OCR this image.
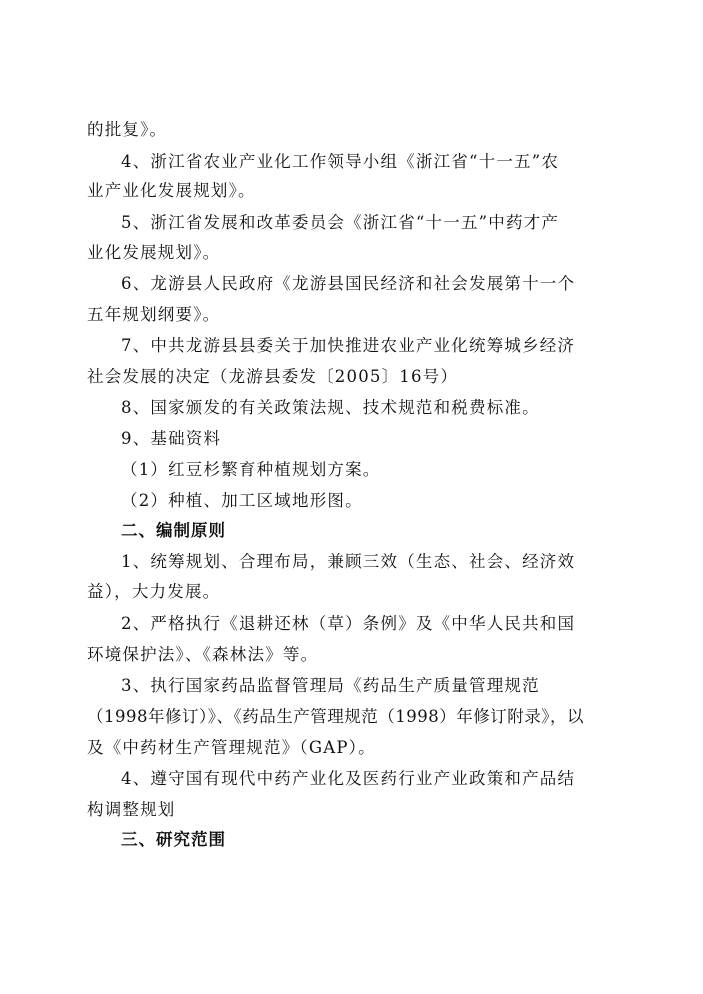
的批复》。
4、浙江省农业产业化工作领导小组《浙江省“十一五”农
业产业化发展规划》。
5、浙江省发展和改革委员会《浙江省“十一五”中药才产
业化发展规划》。
6、龙游县人民政府《龙游县国民经济和社会发展第十一个
五年规划纲要》。
7、中共龙游县县委关于加快推进农业产业化统筹城乡经济
社会发展的决定（龙游县委发〔2005〕16号）
8、国家颁发的有关政策法规、技术规范和税费标准。
9、基础资料
（1）红豆杉繁育种植规划方案。
（2）种植、加工区域地形图。
二、编制原则
1、统筹规划、合理布局，兼顾三效（生态、社会、经济效
益），大力发展。
2、严格执行《退耕还林（草）条例》及《中华人民共和国
环境保护法》、《森林法》等。
3、执行国家药品监督管理局《药品生产质量管理规范
（1998年修订）》、《药品生产管理规范（1998）年修订附录》，以
及《中药材生产管理规范》（GAP）。
4、遵守国有现代中药产业化及医药行业产业政策和产品结
构调整规划
三、研究范围
